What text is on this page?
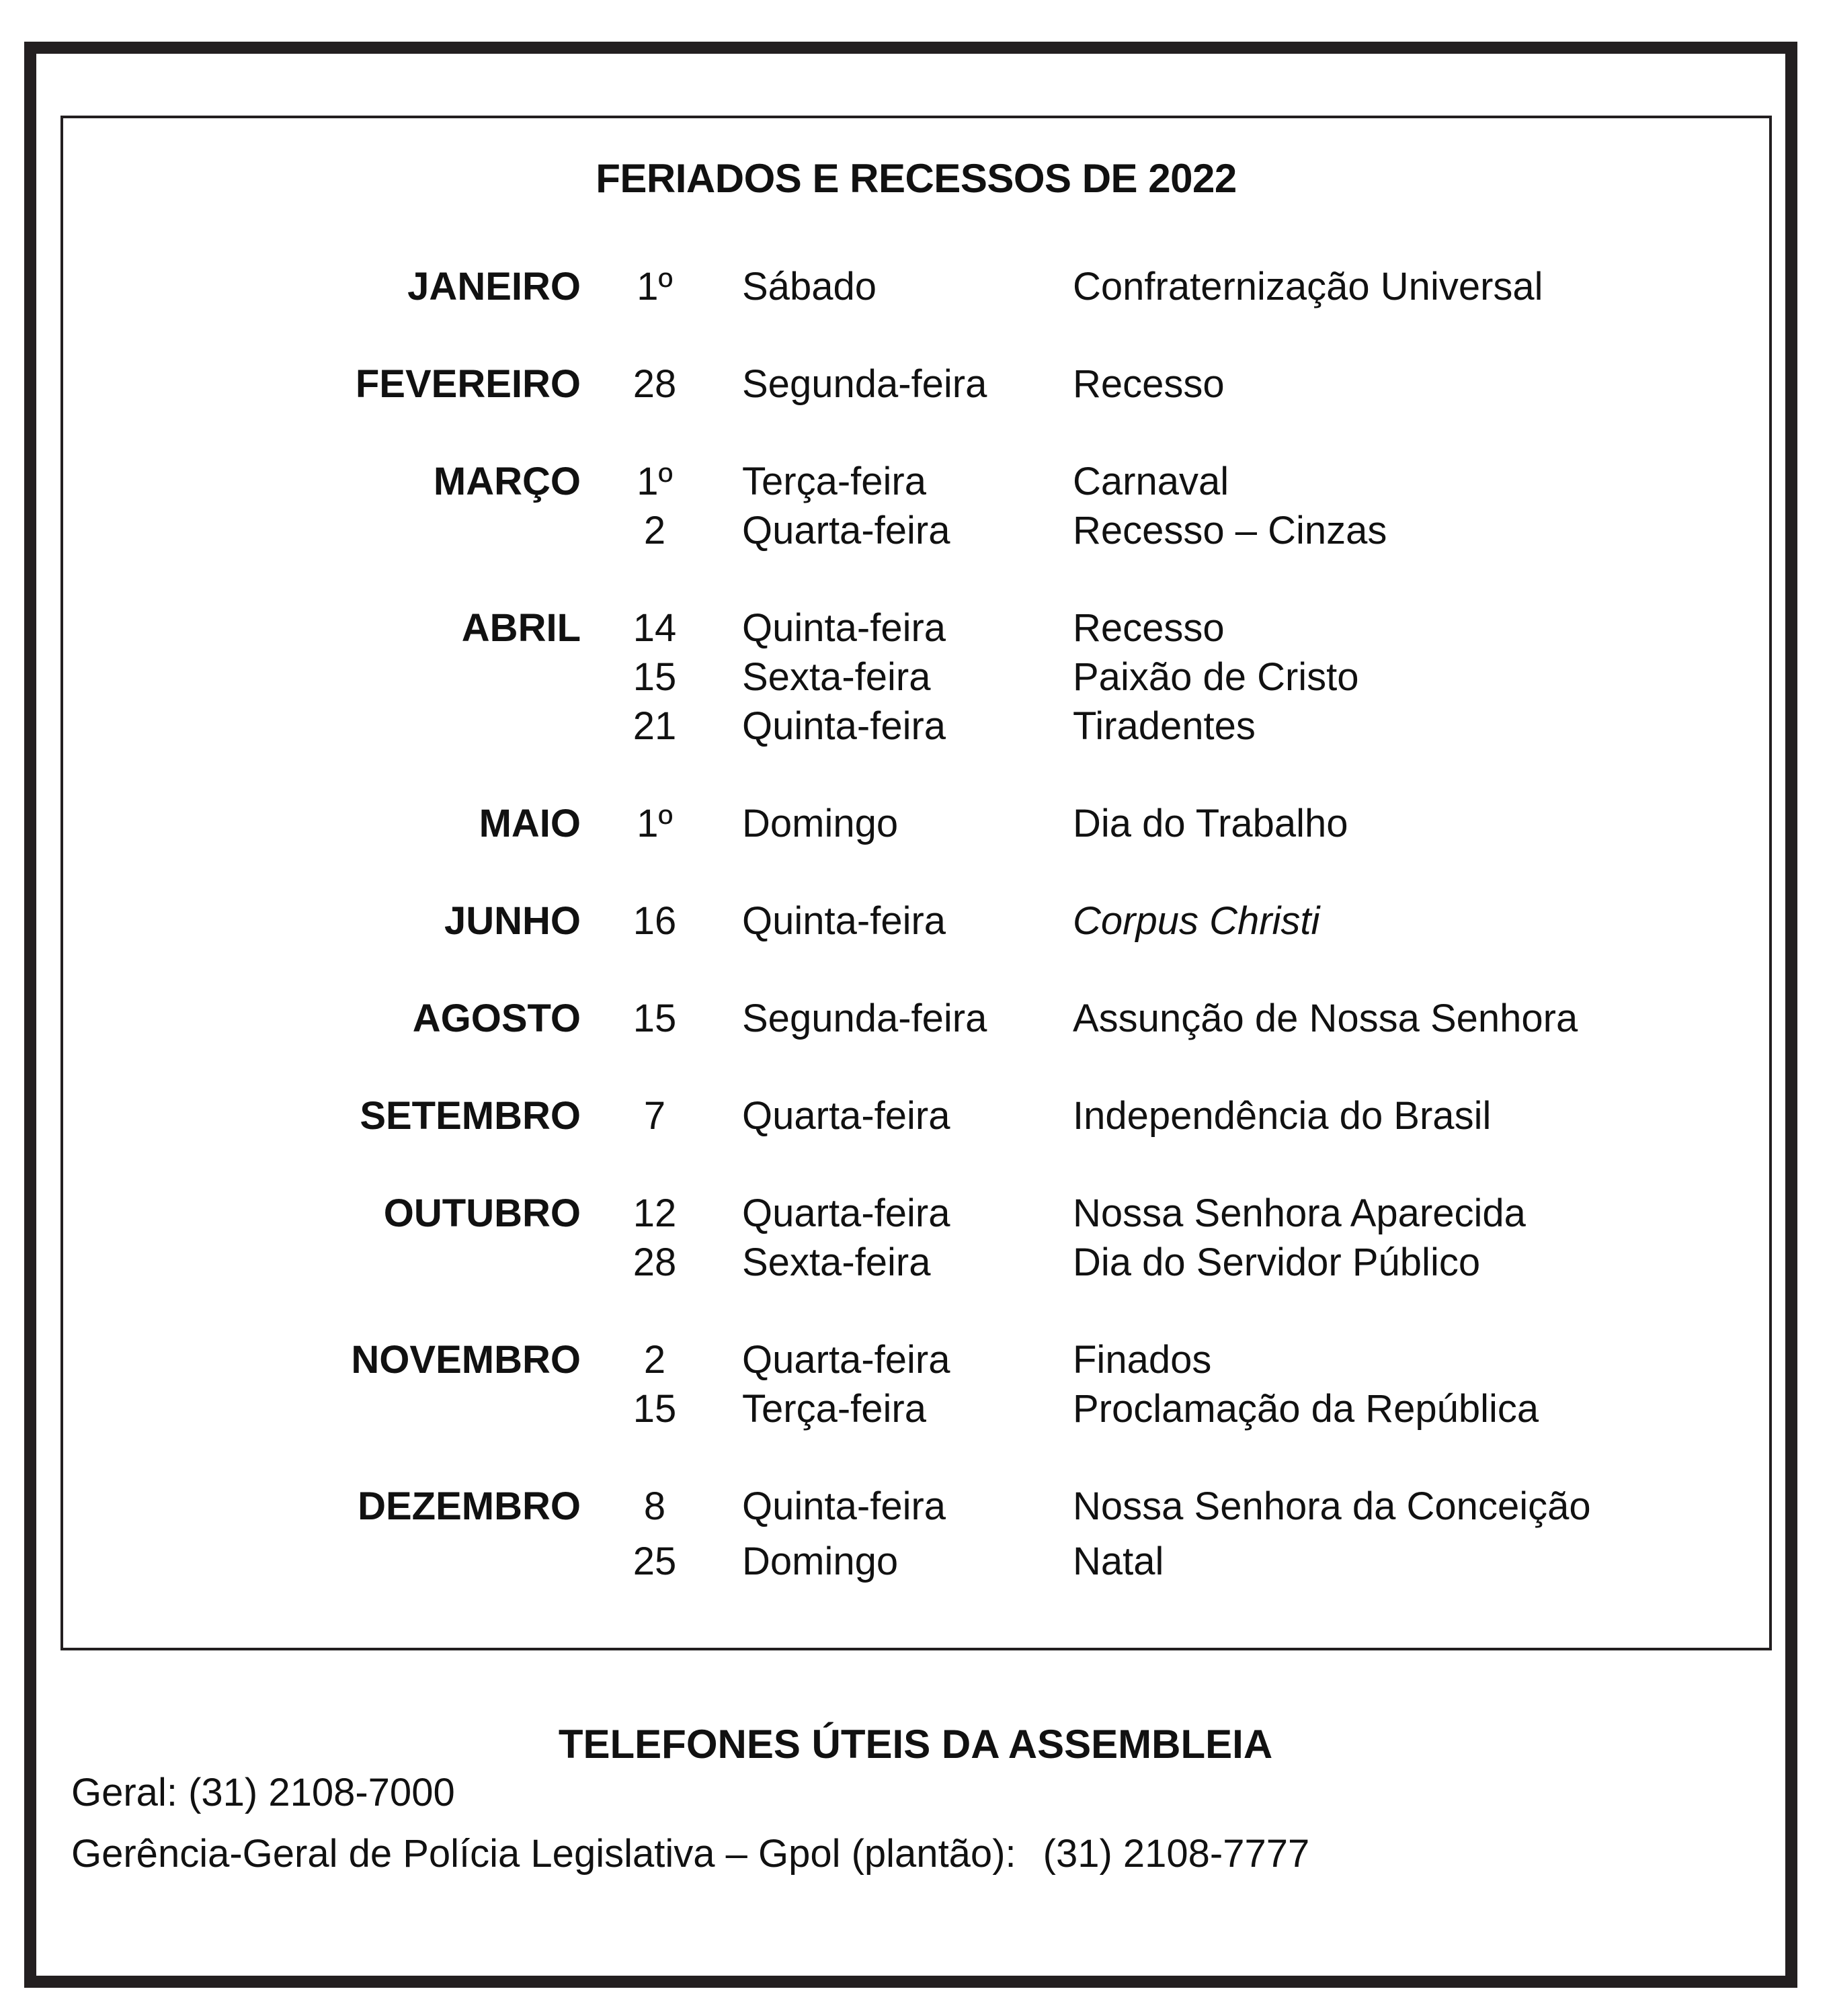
FERIADOS E RECESSOS DE 2022
JANEIRO	1º	Sábado	Confraternização Universal
FEVEREIRO	28	Segunda-feira Recesso
MARÇO	1º	Terça-feira	Carnaval
2	Quarta-feira	Recesso – Cinzas
ABRIL	14	Quinta-feira	Recesso
15	Sexta-feira	Paixão de Cristo
21	Quinta-feira	Tiradentes
MAIO	1º	Domingo	Dia do Trabalho
JUNHO	16	Quinta-feira	Corpus Christi
AGOSTO	15	Segunda-feira Assunção de Nossa Senhora
SETEMBRO	7	Quarta-feira	Independência do Brasil
OUTUBRO	12	Quarta-feira	Nossa Senhora Aparecida
28	Sexta-feira	Dia do Servidor Público
NOVEMBRO	2	Quarta-feira	Finados
15	Terça-feira	Proclamação da República
DEZEMBRO	8	Quinta-feira	Nossa Senhora da Conceição
25	Domingo	Natal
TELEFONES ÚTEIS DA ASSEMBLEIA
Geral: (31) 2108-7000
Gerência-Geral de Polícia Legislativa – Gpol (plantão): (31) 2108-7777
